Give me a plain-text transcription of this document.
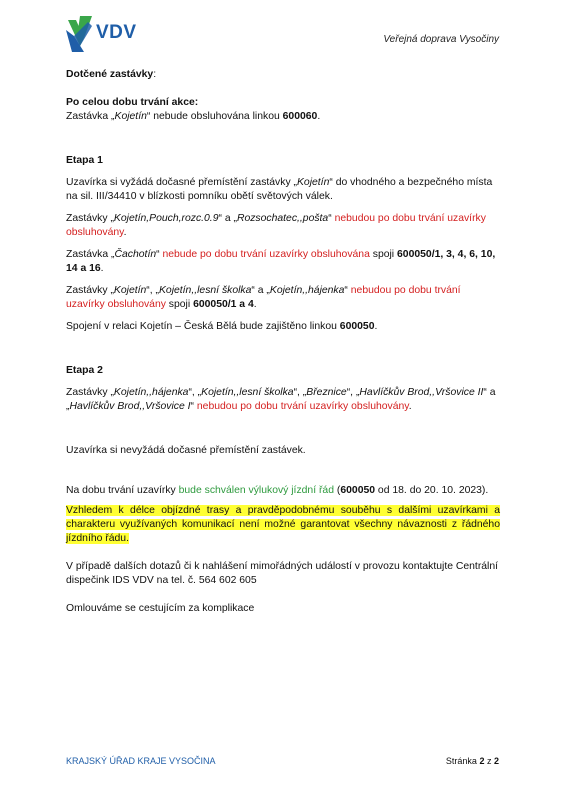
VDV	Veřejná doprava Vysočiny

Dotčené zastávky:

Po celou dobu trvání akce:

Zastávka „Kojetín“ nebude obsluhována linkou 600060.

Etapa 1

Uzavírka si vyžádá dočasné přemístění zastávky „Kojetín“ do vhodného a bezpečného místa na sil. III/34410 v blízkosti pomníku obětí světových válek.

Zastávky „Kojetín,Pouch,rozc.0.9“ a „Rozsochatec,,pošta“ nebudou po dobu trvání uzavírky obsluhovány.

Zastávka „Čachotín“ nebude po dobu trvání uzavírky obsluhována spoji 600050/1, 3, 4, 6, 10, 14 a 16.

Zastávky „Kojetín“, „Kojetín,,lesní školka“ a „Kojetín,,hájenka“ nebudou po dobu trvání uzavírky obsluhovány spoji 600050/1 a 4.

Spojení v relaci Kojetín – Česká Bělá bude zajištěno linkou 600050.

Etapa 2

Zastávky „Kojetín,,hájenka“, „Kojetín,,lesní školka“, „Březnice“, „Havlíčkův Brod,,Vršovice II“ a „Havlíčkův Brod,,Vršovice I“ nebudou po dobu trvání uzavírky obsluhovány.

Uzavírka si nevyžádá dočasné přemístění zastávek.

Na dobu trvání uzavírky bude schválen výlukový jízdní řád (600050 od 18. do 20. 10. 2023).

Vzhledem k délce objízdné trasy a pravděpodobnému souběhu s dalšími uzavírkami a charakteru využívaných komunikací není možné garantovat všechny návaznosti z řádného jízdního řádu.

V případě dalších dotazů či k nahlášení mimořádných událostí v provozu kontaktujte Centrální dispečink IDS VDV na tel. č. 564 602 605

Omlouváme se cestujícím za komplikace

KRAJSKÝ ÚŘAD KRAJE VYSOČINA	Stránka 2 z 2
